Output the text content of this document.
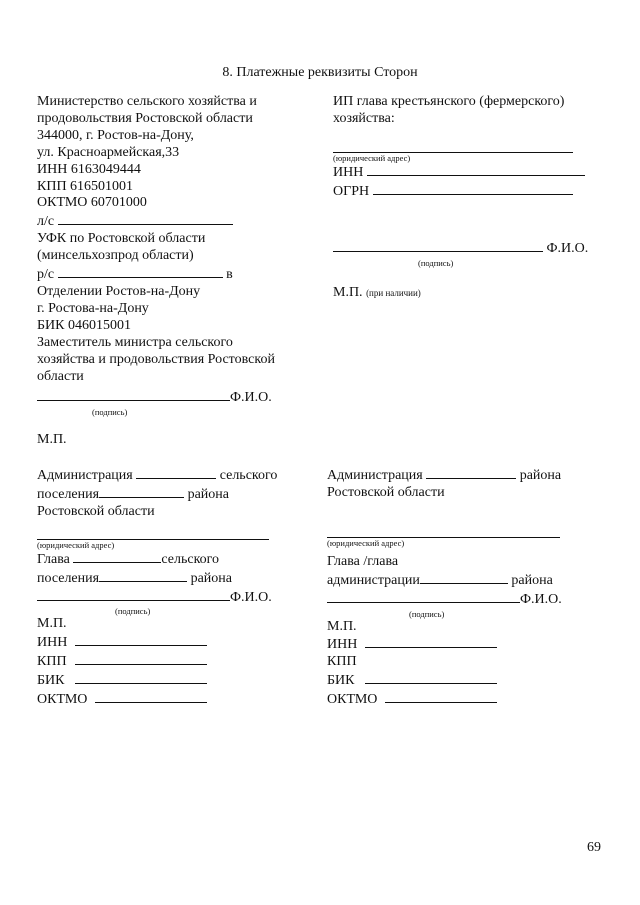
8. Платежные реквизиты Сторон
Министерство сельского хозяйства и
продовольствия Ростовской области
344000, г. Ростов-на-Дону,
ул. Красноармейская,33
ИНН 6163049444
КПП 616501001
ОКТМО 60701000
л/с
УФК по Ростовской области
(минсельхозпрод области)
р/с	в
Отделении Ростов-на-Дону
г. Ростова-на-Дону
БИК 046015001
Заместитель министра сельского
хозяйства и продовольствия Ростовской
области
Ф.И.О.
(подпись)
М.П.
ИП глава крестьянского (фермерского)
хозяйства:
(юридический адрес)
ИНН
ОГРН
Ф.И.О.
(подпись)
М.П. (при наличии)
Администрация	сельского
поселения	района
Ростовской области
(юридический адрес)
Глава	сельского
поселения	района
Ф.И.О.
(подпись)
М.П.
ИНН
КПП
БИК
ОКТМО
Администрация	района
Ростовской области
(юридический адрес)
Глава /глава
администрации	района
Ф.И.О.
(подпись)
М.П.
ИНН
КПП
БИК
ОКТМО
69
